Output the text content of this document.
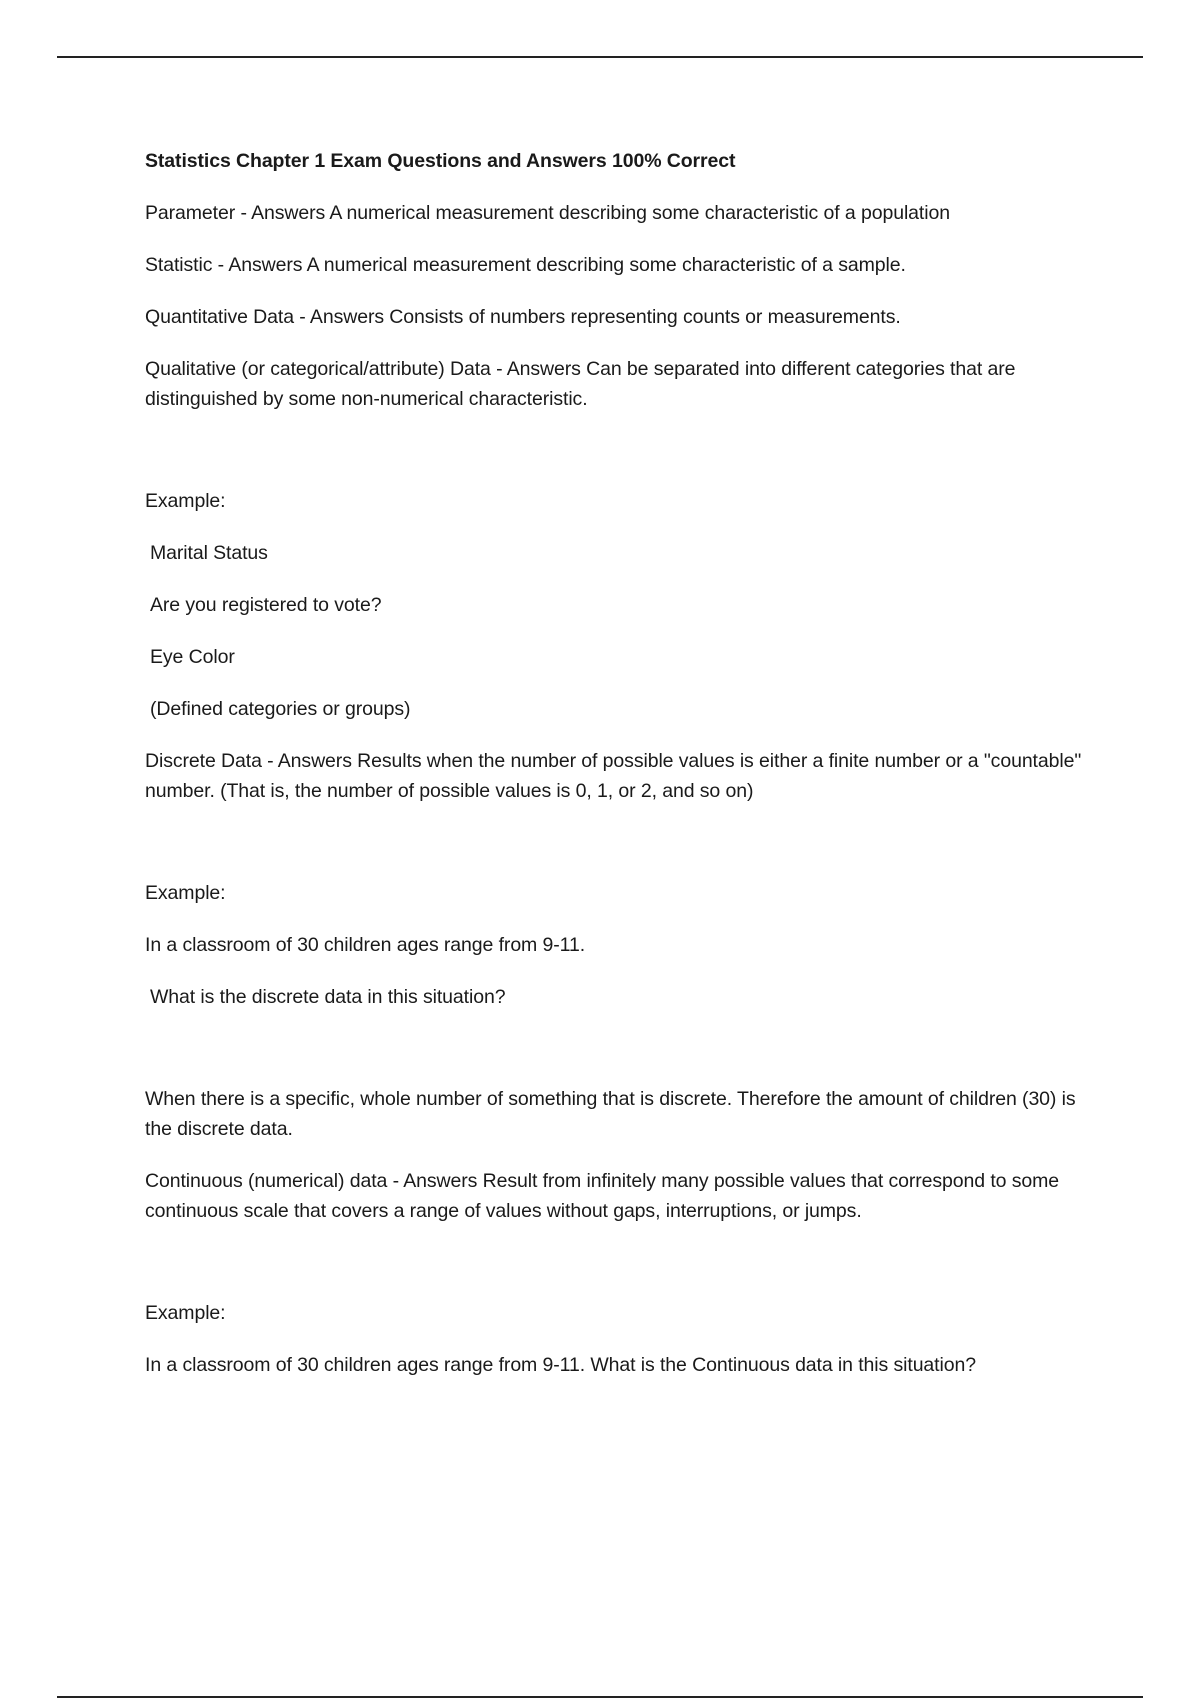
Statistics Chapter 1 Exam Questions and Answers 100% Correct

Parameter - Answers A numerical measurement describing some characteristic of a population

Statistic - Answers A numerical measurement describing some characteristic of a sample.

Quantitative Data - Answers Consists of numbers representing counts or measurements.

Qualitative (or categorical/attribute) Data - Answers Can be separated into different categories that are distinguished by some non-numerical characteristic.

Example:

Marital Status

Are you registered to vote?

Eye Color

(Defined categories or groups)

Discrete Data - Answers Results when the number of possible values is either a finite number or a "countable" number. (That is, the number of possible values is 0, 1, or 2, and so on)

Example:

In a classroom of 30 children ages range from 9-11.

What is the discrete data in this situation?

When there is a specific, whole number of something that is discrete. Therefore the amount of children (30) is the discrete data.

Continuous (numerical) data - Answers Result from infinitely many possible values that correspond to some continuous scale that covers a range of values without gaps, interruptions, or jumps.

Example:

In a classroom of 30 children ages range from 9-11. What is the Continuous data in this situation?
